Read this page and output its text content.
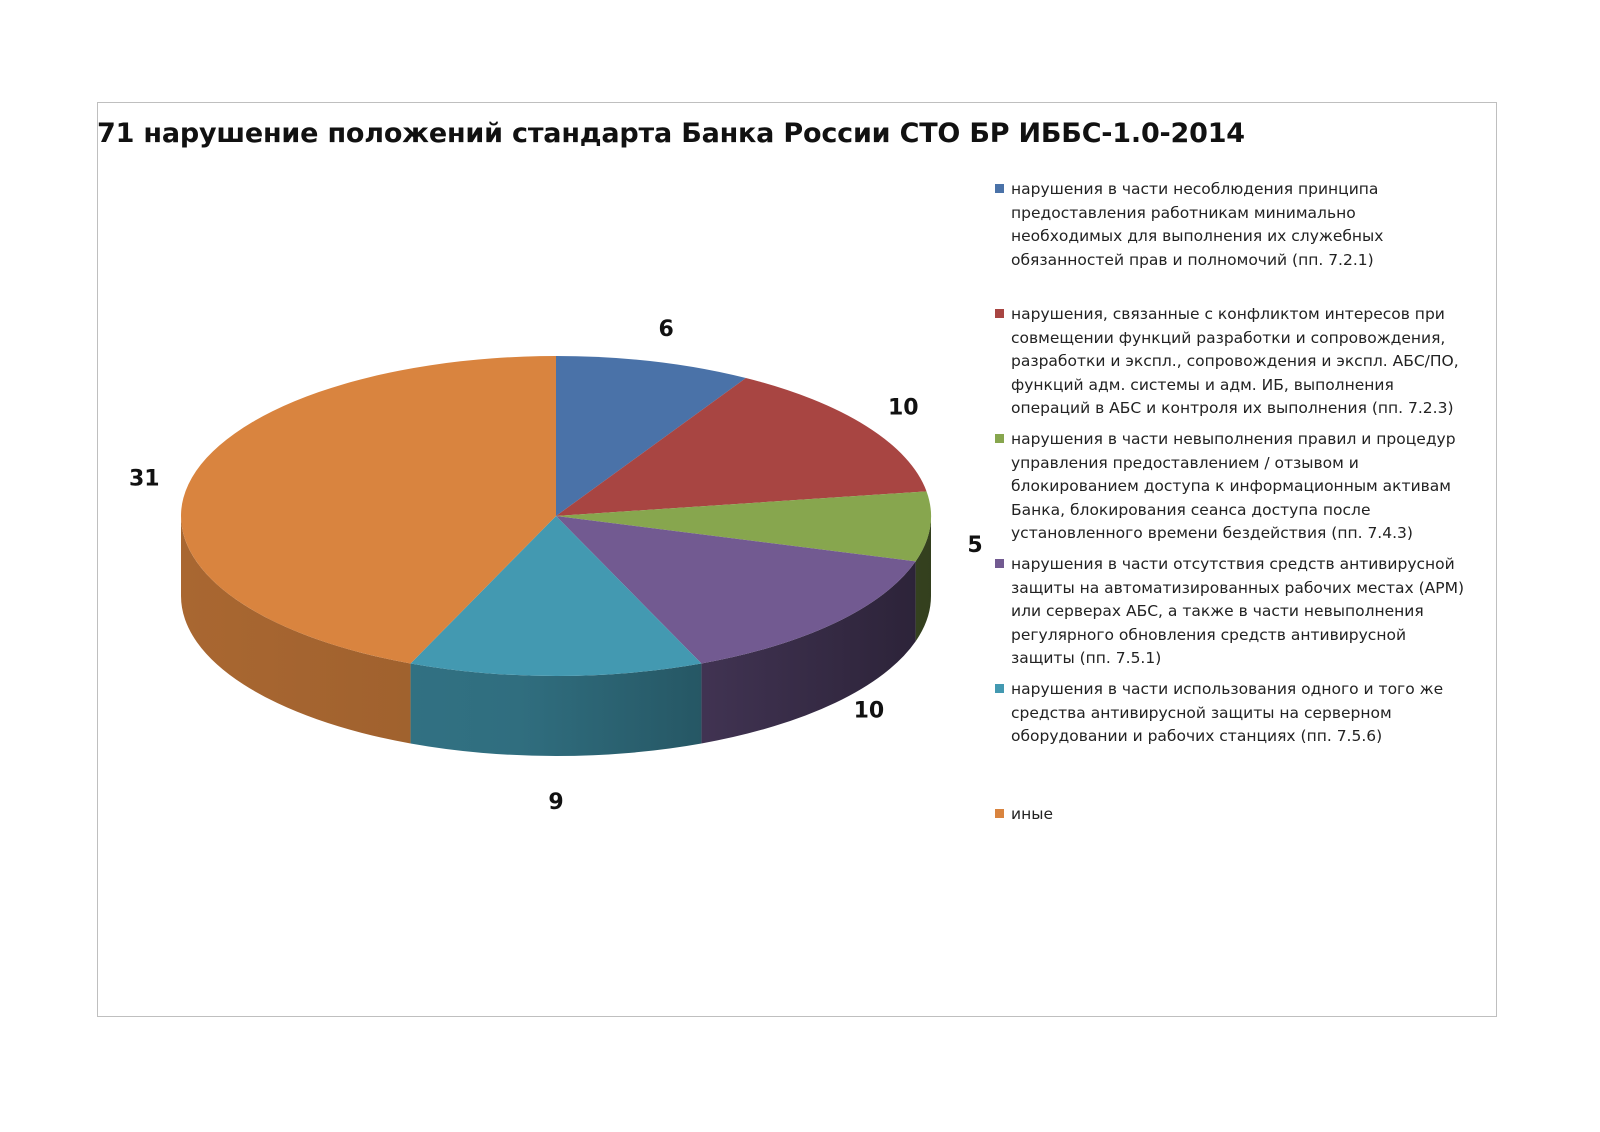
71 нарушение положений стандарта Банка России СТО БР ИББС-1.0-2014
6
10
5
10
9
31
нарушения в части несоблюдения принципа предоставления работникам минимально необходимых для выполнения их служебных обязанностей прав и полномочий (пп. 7.2.1)
нарушения, связанные с конфликтом интересов при совмещении функций разработки и сопровождения, разработки и экспл., сопровождения и экспл. АБС/ПО, функций адм. системы и адм. ИБ, выполнения операций в АБС и контроля их выполнения (пп. 7.2.3)
нарушения в части невыполнения правил и процедур управления предоставлением / отзывом и блокированием доступа к информационным активам Банка, блокирования сеанса доступа после установленного времени бездействия (пп. 7.4.3)
нарушения в части отсутствия средств антивирусной защиты на автоматизированных рабочих местах (АРМ) или серверах АБС, а также в части невыполнения регулярного обновления средств антивирусной защиты (пп. 7.5.1)
нарушения в части использования одного и того же средства антивирусной защиты на серверном оборудовании и рабочих станциях (пп. 7.5.6)
иные
